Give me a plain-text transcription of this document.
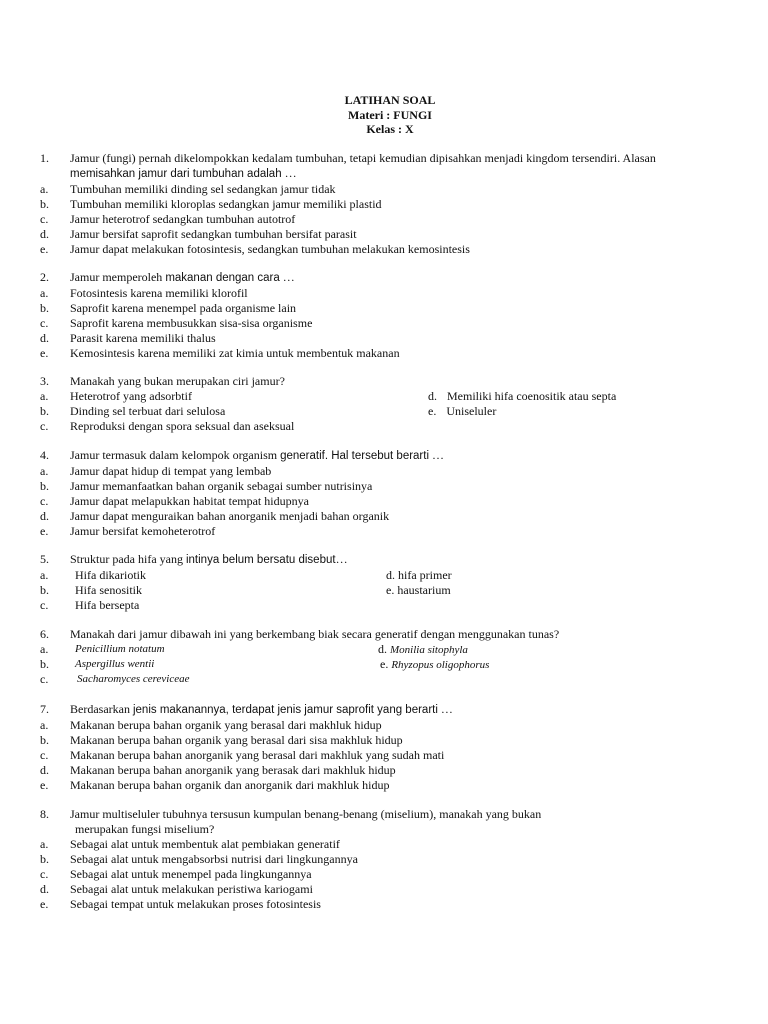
LATIHAN SOAL
Materi : FUNGI
Kelas : X
1. Jamur (fungi) pernah dikelompokkan kedalam tumbuhan, tetapi kemudian dipisahkan menjadi kingdom tersendiri. Alasan
memisahkan jamur dari tumbuhan adalah …
a. Tumbuhan memiliki dinding sel sedangkan jamur tidak
b. Tumbuhan memiliki kloroplas sedangkan jamur memiliki plastid
c. Jamur heterotrof sedangkan tumbuhan autotrof
d. Jamur bersifat saprofit sedangkan tumbuhan bersifat parasit
e. Jamur dapat melakukan fotosintesis, sedangkan tumbuhan melakukan kemosintesis
2. Jamur memperoleh makanan dengan cara …
a. Fotosintesis karena memiliki klorofil
b. Saprofit karena menempel pada organisme lain
c. Saprofit karena membusukkan sisa-sisa organisme
d. Parasit karena memiliki thalus
e. Kemosintesis karena memiliki zat kimia untuk membentuk makanan
3. Manakah yang bukan merupakan ciri jamur?
a. Heterotrof yang adsorbtif	d. Memiliki hifa coenositik atau septa
b. Dinding sel terbuat dari selulosa	e. Uniseluler
c. Reproduksi dengan spora seksual dan aseksual
4. Jamur termasuk dalam kelompok organism generatif. Hal tersebut berarti …
a. Jamur dapat hidup di tempat yang lembab
b. Jamur memanfaatkan bahan organik sebagai sumber nutrisinya
c. Jamur dapat melapukkan habitat tempat hidupnya
d. Jamur dapat menguraikan bahan anorganik menjadi bahan organik
e. Jamur bersifat kemoheterotrof
5. Struktur pada hifa yang intinya belum bersatu disebut…
a. Hifa dikariotik	d. hifa primer
b. Hifa senositik	e. haustarium
c. Hifa bersepta
6. Manakah dari jamur dibawah ini yang berkembang biak secara generatif dengan menggunakan tunas?
a. Penicillium notatum	d. Monilia sitophyla
b. Aspergillus wentii	e. Rhyzopus oligophorus
c.	Sacharomyces cereviceae
7. Berdasarkan jenis makanannya, terdapat jenis jamur saprofit yang berarti …
a. Makanan berupa bahan organik yang berasal dari makhluk hidup
b. Makanan berupa bahan organik yang berasal dari sisa makhluk hidup
c. Makanan berupa bahan anorganik yang berasal dari makhluk yang sudah mati
d. Makanan berupa bahan anorganik yang berasak dari makhluk hidup
e. Makanan berupa bahan organik dan anorganik dari makhluk hidup
8. Jamur multiseluler tubuhnya tersusun kumpulan benang-benang (miselium), manakah yang bukan
merupakan fungsi miselium?
a. Sebagai alat untuk membentuk alat pembiakan generatif
b. Sebagai alat untuk mengabsorbsi nutrisi dari lingkungannya
c. Sebagai alat untuk menempel pada lingkungannya
d. Sebagai alat untuk melakukan peristiwa kariogami
e. Sebagai tempat untuk melakukan proses fotosintesis
